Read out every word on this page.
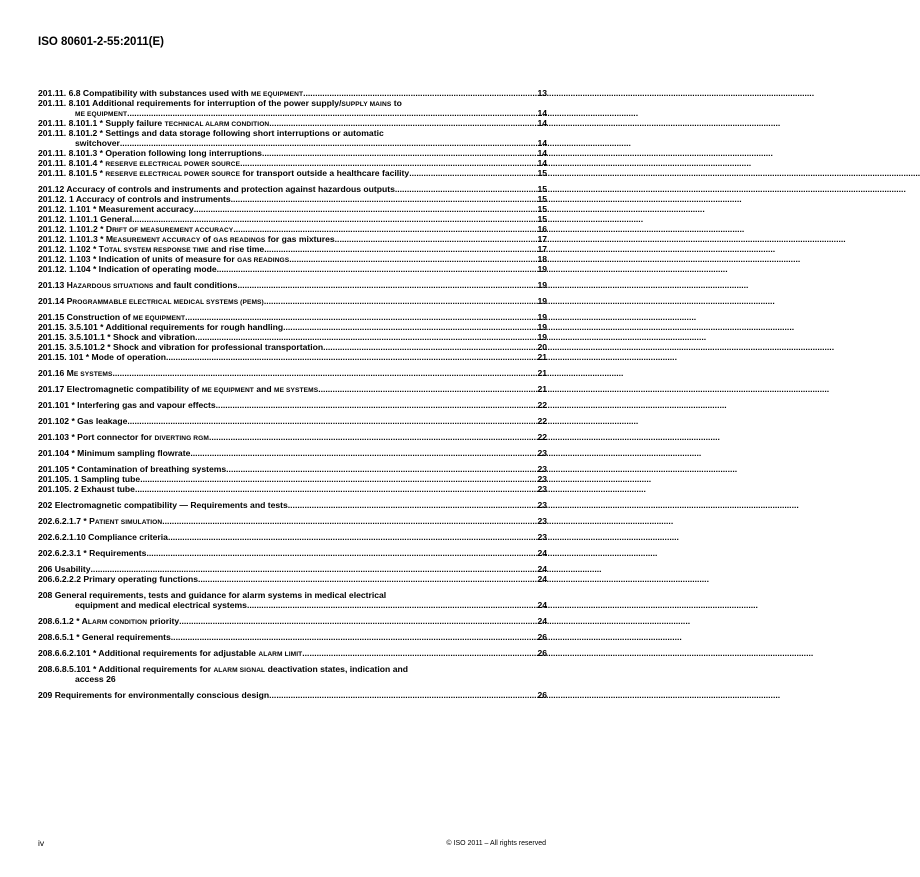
ISO 80601-2-55:2011(E)
201.11. 6.8 Compatibility with substances used with ME EQUIPMENT .....	13
201.11. 8.101 Additional requirements for interruption of the power supply/SUPPLY MAINS to
ME EQUIPMENT .....	14
201.11. 8.101.1 * Supply failure TECHNICAL ALARM CONDITION .....	14
201.11. 8.101.2 * Settings and data storage following short interruptions or automatic
switchover .....	14
201.11. 8.101.3 * Operation following long interruptions .....	14
201.11. 8.101.4 * RESERVE ELECTRICAL POWER SOURCE .....	14
201.11. 8.101.5 * RESERVE ELECTRICAL POWER SOURCE for transport outside a healthcare facility .....	15
201.12 Accuracy of controls and instruments and protection against hazardous outputs .....	15
201.12. 1 Accuracy of controls and instruments .....	15
201.12. 1.101 * Measurement accuracy .....	15
201.12. 1.101.1 General .....	15
201.12. 1.101.2 * DRIFT OF MEASUREMENT ACCURACY .....	16
201.12. 1.101.3 * MEASUREMENT ACCURACY of GAS READINGS for gas mixtures .....	17
201.12. 1.102 * TOTAL SYSTEM RESPONSE TIME and rise time .....	17
201.12. 1.103 * Indication of units of measure for GAS READINGS .....	18
201.12. 1.104 * Indication of operating mode .....	19
201.13 HAZARDOUS SITUATIONS and fault conditions .....	19
201.14 PROGRAMMABLE ELECTRICAL MEDICAL SYSTEMS (PEMS) .....	19
201.15 Construction of ME EQUIPMENT .....	19
201.15. 3.5.101 * Additional requirements for rough handling .....	19
201.15. 3.5.101.1 * Shock and vibration .....	19
201.15. 3.5.101.2 * Shock and vibration for professional transportation .....	20
201.15. 101 * Mode of operation .....	21
201.16 ME SYSTEMS .....	21
201.17 Electromagnetic compatibility of ME EQUIPMENT and ME SYSTEMS .....	21
201.101 * Interfering gas and vapour effects .....	22
201.102 * Gas leakage .....	22
201.103 * Port connector for DIVERTING RGM .....	22
201.104 * Minimum sampling flowrate .....	23
201.105 * Contamination of breathing systems .....	23
201.105. 1 Sampling tube .....	23
201.105. 2 Exhaust tube .....	23
202 Electromagnetic compatibility — Requirements and tests .....	23
202.6.2.1.7 * PATIENT SIMULATION .....	23
202.6.2.1.10 Compliance criteria .....	23
202.6.2.3.1 * Requirements .....	24
206 Usability .....	24
206.6.2.2.2 Primary operating functions .....	24
208 General requirements, tests and guidance for alarm systems in medical electrical
equipment and medical electrical systems .....	24
208.6.1.2 * ALARM CONDITION priority .....	24
208.6.5.1 * General requirements .....	26
208.6.6.2.101 * Additional requirements for adjustable ALARM LIMIT .....	26
208.6.8.5.101 * Additional requirements for ALARM SIGNAL deactivation states, indication and
access 26
209 Requirements for environmentally conscious design .....	26
iv	© ISO 2011 – All rights reserved
